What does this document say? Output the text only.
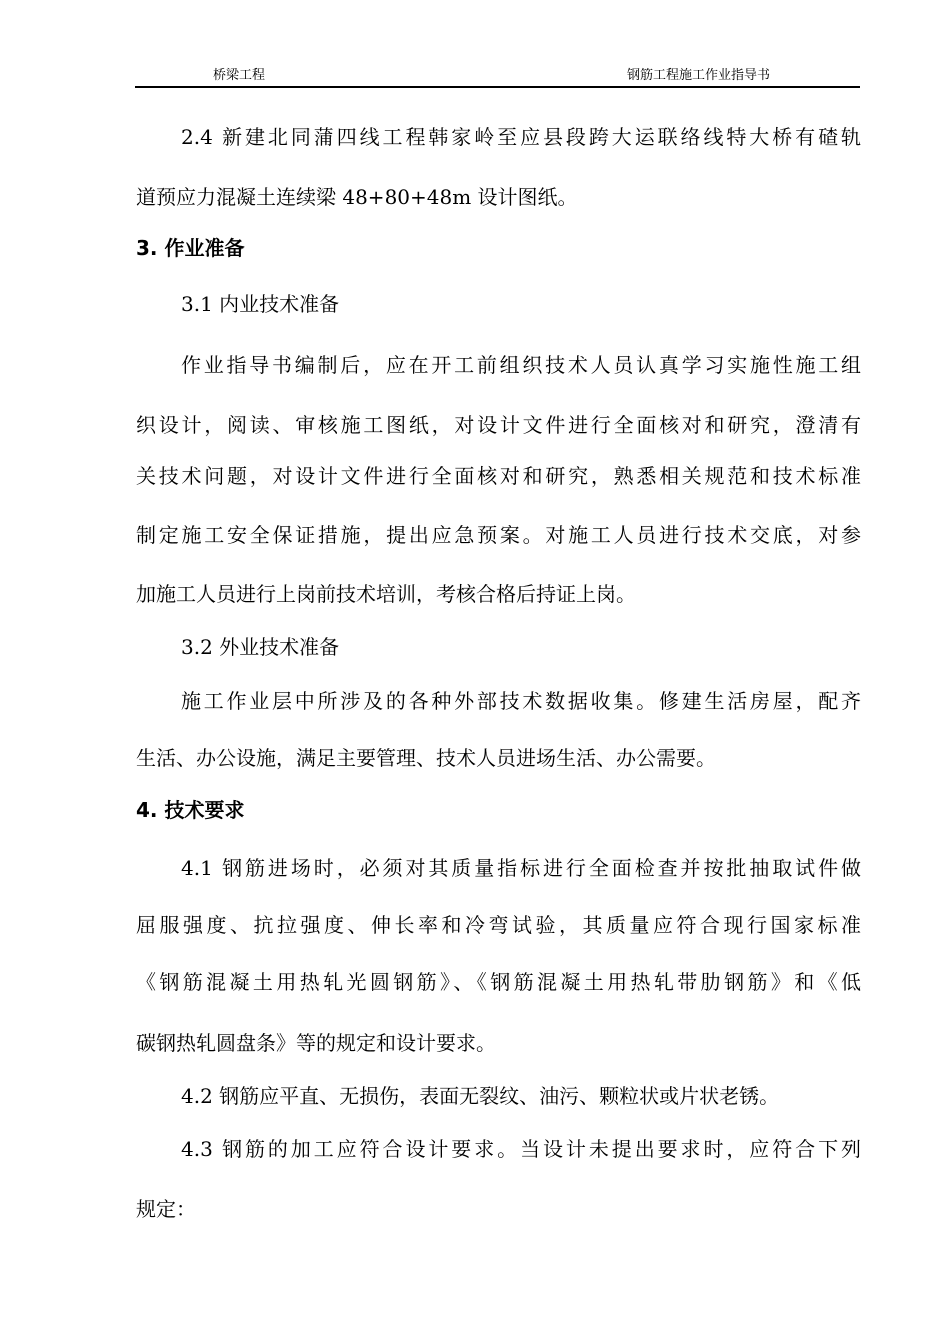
桥梁工程	钢筋工程施工作业指导书
2.4 新建北同蒲四线工程韩家岭至应县段跨大运联络线特大桥有碴轨
道预应力混凝土连续梁 48+80+48m 设计图纸。
3. 作业准备
3.1 内业技术准备
作业指导书编制后，应在开工前组织技术人员认真学习实施性施工组
织设计，阅读、审核施工图纸，对设计文件进行全面核对和研究，澄清有
关技术问题，对设计文件进行全面核对和研究，熟悉相关规范和技术标准
制定施工安全保证措施，提出应急预案。对施工人员进行技术交底，对参
加施工人员进行上岗前技术培训，考核合格后持证上岗。
3.2 外业技术准备
施工作业层中所涉及的各种外部技术数据收集。修建生活房屋，配齐
生活、办公设施，满足主要管理、技术人员进场生活、办公需要。
4. 技术要求
4.1 钢筋进场时，必须对其质量指标进行全面检查并按批抽取试件做
屈服强度、抗拉强度、伸长率和冷弯试验，其质量应符合现行国家标准
《钢筋混凝土用热轧光圆钢筋》、《钢筋混凝土用热轧带肋钢筋》和《低
碳钢热轧圆盘条》等的规定和设计要求。
4.2 钢筋应平直、无损伤，表面无裂纹、油污、颗粒状或片状老锈。
4.3 钢筋的加工应符合设计要求。当设计未提出要求时，应符合下列
规定：
